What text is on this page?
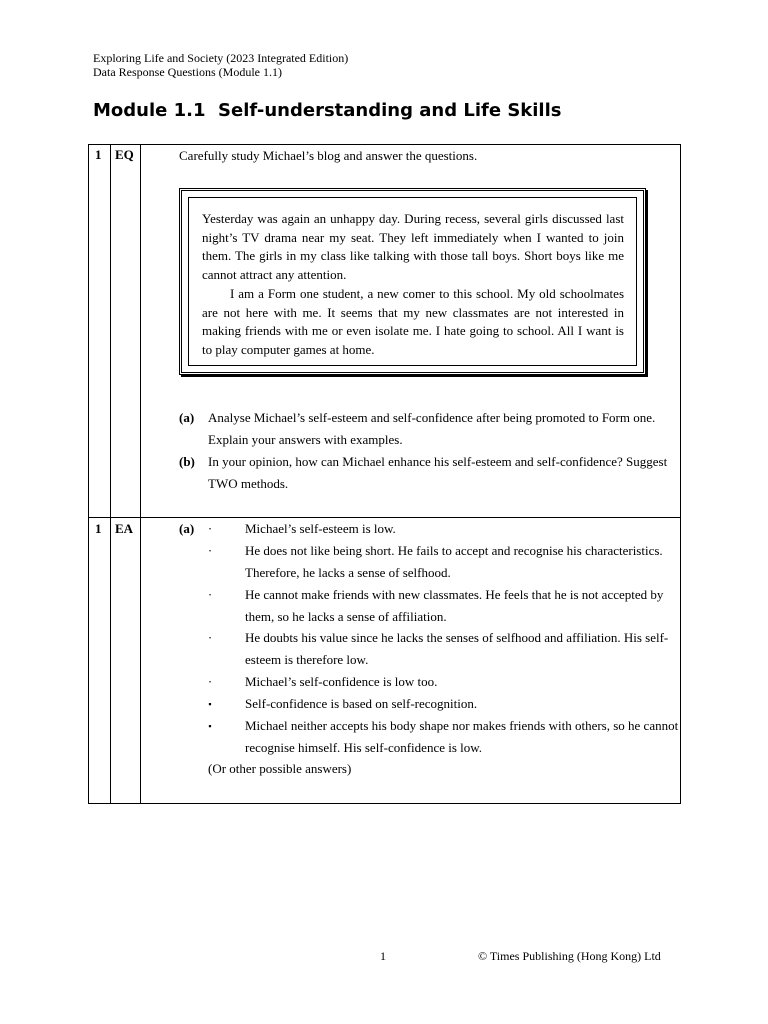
Exploring Life and Society (2023 Integrated Edition)
Data Response Questions (Module 1.1)
Module 1.1  Self-understanding and Life Skills
1 EQ	Carefully study Michael’s blog and answer the questions.

Yesterday was again an unhappy day. During recess, several girls discussed last night’s TV drama near my seat. They left immediately when I wanted to join them. The girls in my class like talking with those tall boys. Short boys like me cannot attract any attention.

I am a Form one student, a new comer to this school. My old schoolmates are not here with me. It seems that my new classmates are not interested in making friends with me or even isolate me. I hate going to school. All I want is to play computer games at home.

(a) Analyse Michael’s self-esteem and self-confidence after being promoted to Form one. Explain your answers with examples.
(b) In your opinion, how can Michael enhance his self-esteem and self-confidence? Suggest TWO methods.
1 EA	(a) ·	Michael’s self-esteem is low.
·	He does not like being short. He fails to accept and recognise his characteristics. Therefore, he lacks a sense of selfhood.
·	He cannot make friends with new classmates. He feels that he is not accepted by them, so he lacks a sense of affiliation.
·	He doubts his value since he lacks the senses of selfhood and affiliation. His self-esteem is therefore low.
·	Michael’s self-confidence is low too.
▪	Self-confidence is based on self-recognition.
▪	Michael neither accepts his body shape nor makes friends with others, so he cannot recognise himself. His self-confidence is low.
(Or other possible answers)
1	© Times Publishing (Hong Kong) Ltd
